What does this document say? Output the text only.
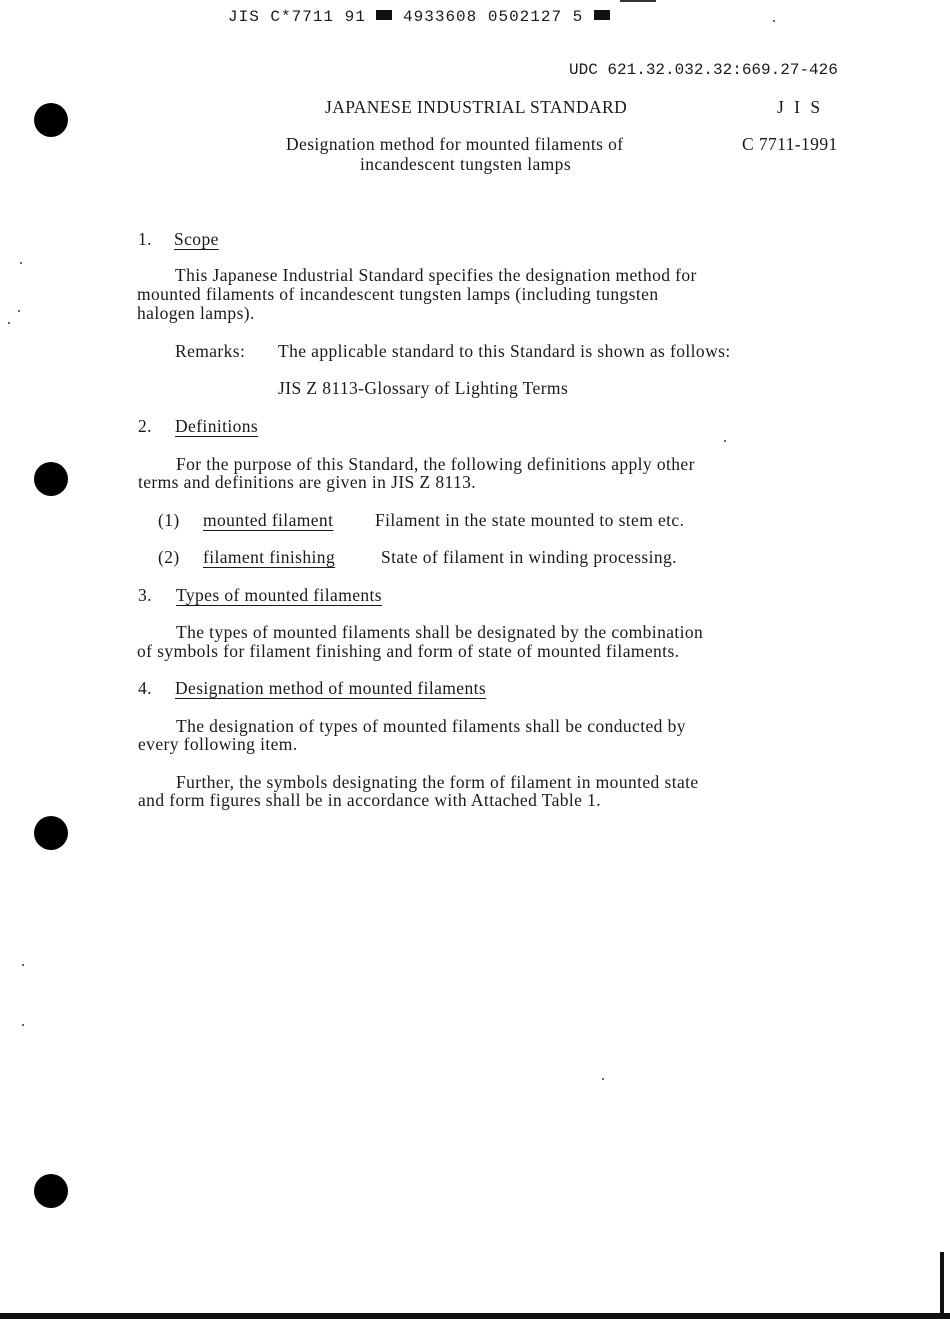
JIS C*7711 91 4933608 0502127 5
UDC 621.32.032.32:669.27-426
JAPANESE INDUSTRIAL STANDARD	J I S
Designation method for mounted filaments of
incandescent tungsten lamps
C 7711-1991
1. Scope
This Japanese Industrial Standard specifies the designation method for
mounted filaments of incandescent tungsten lamps (including tungsten
halogen lamps).
Remarks: The applicable standard to this Standard is shown as follows:
JIS Z 8113-Glossary of Lighting Terms
2. Definitions
For the purpose of this Standard, the following definitions apply other
terms and definitions are given in JIS Z 8113.
(1) mounted filament Filament in the state mounted to stem etc.
(2) filament finishing	State of filament in winding processing.
3. Types of mounted filaments
The types of mounted filaments shall be designated by the combination
of symbols for filament finishing and form of state of mounted filaments.
4. Designation method of mounted filaments
The designation of types of mounted filaments shall be conducted by
every following item.
Further, the symbols designating the form of filament in mounted state
and form figures shall be in accordance with Attached Table 1.
